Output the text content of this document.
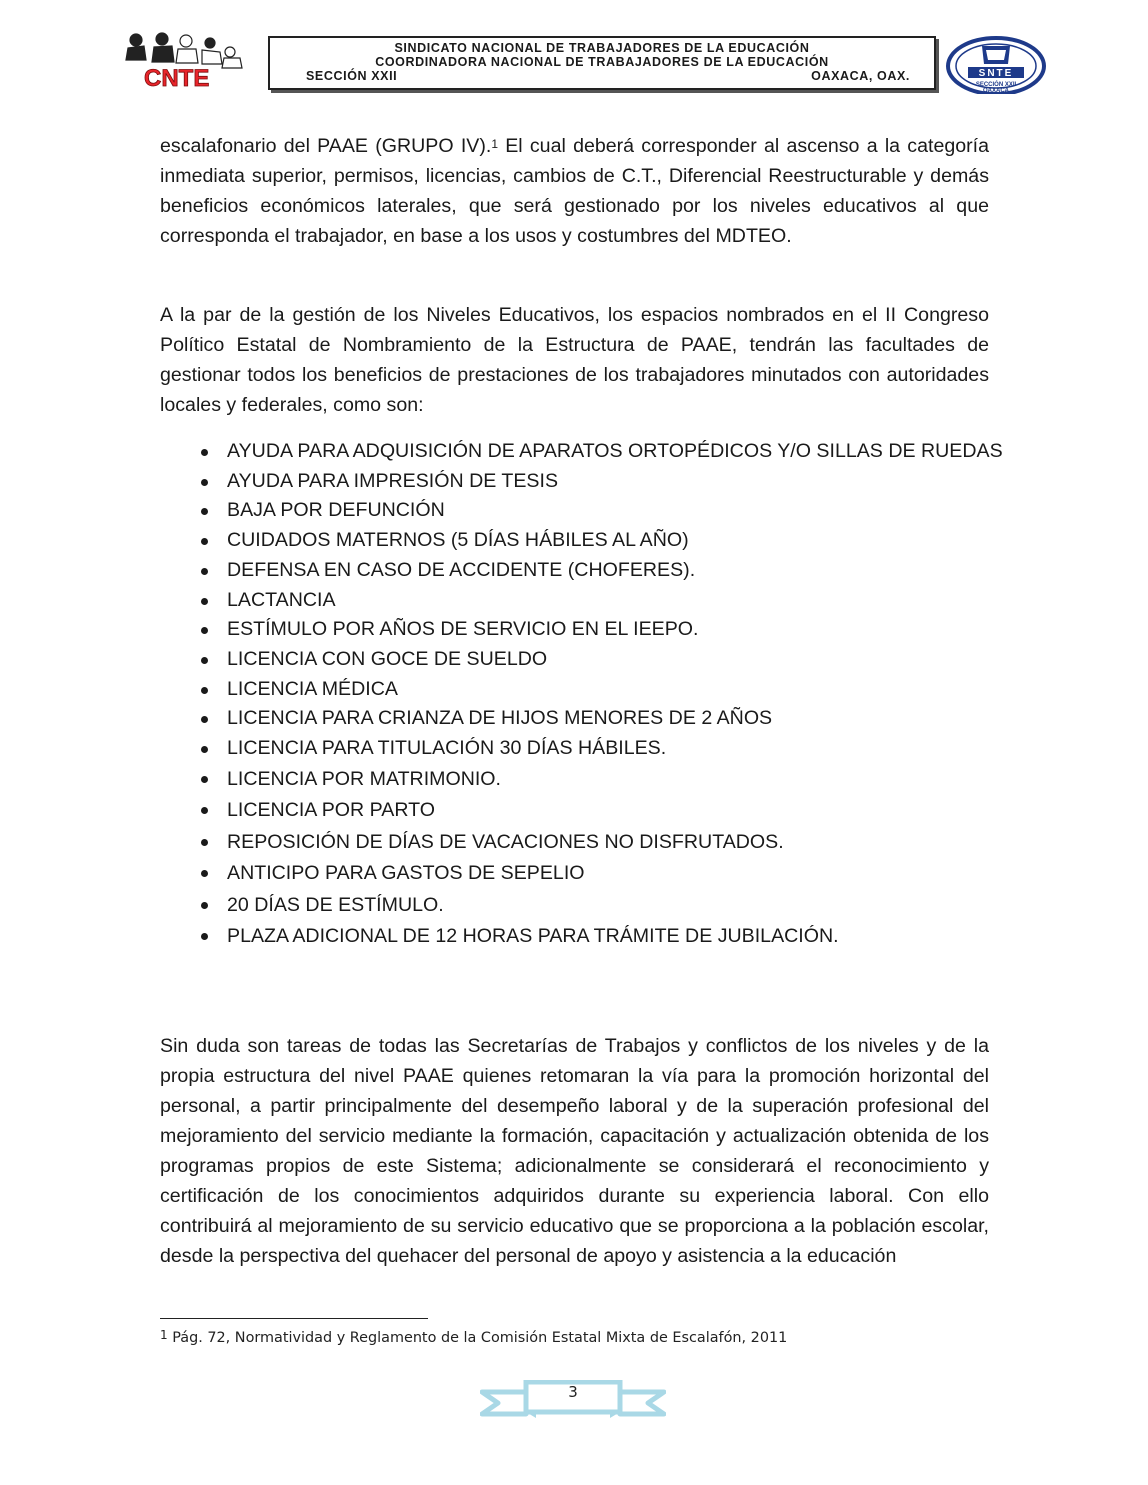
CNTE
SINDICATO NACIONAL DE TRABAJADORES DE LA EDUCACIÓN
COORDINADORA NACIONAL DE TRABAJADORES DE LA EDUCACIÓN
SECCIÓN XXII	OAXACA, OAX.	SNTE
SECCIÓN XXII
OAXACA

escalafonario del PAAE (GRUPO IV).$^1$ El cual deberá corresponder al ascenso a la categoría inmediata superior, permisos, licencias, cambios de C.T., Diferencial Reestructurable y demás beneficios económicos laterales, que será gestionado por los niveles educativos al que corresponda el trabajador, en base a los usos y costumbres del MDTEO.

A la par de la gestión de los Niveles Educativos, los espacios nombrados en el II Congreso Político Estatal de Nombramiento de la Estructura de PAAE, tendrán las facultades de gestionar todos los beneficios de prestaciones de los trabajadores minutados con autoridades locales y federales, como son:

AYUDA PARA ADQUISICIÓN DE APARATOS ORTOPÉDICOS Y/O SILLAS DE RUEDAS
AYUDA PARA IMPRESIÓN DE TESIS
BAJA POR DEFUNCIÓN
CUIDADOS MATERNOS (5 DÍAS HÁBILES AL AÑO)
DEFENSA EN CASO DE ACCIDENTE (CHOFERES).
LACTANCIA
ESTÍMULO POR AÑOS DE SERVICIO EN EL IEEPO.
LICENCIA CON GOCE DE SUELDO
LICENCIA MÉDICA
LICENCIA PARA CRIANZA DE HIJOS MENORES DE 2 AÑOS
LICENCIA PARA TITULACIÓN 30 DÍAS HÁBILES.
LICENCIA POR MATRIMONIO.
LICENCIA POR PARTO
REPOSICIÓN DE DÍAS DE VACACIONES NO DISFRUTADOS.
ANTICIPO PARA GASTOS DE SEPELIO
20 DÍAS DE ESTÍMULO.
PLAZA ADICIONAL DE 12 HORAS PARA TRÁMITE DE JUBILACIÓN.

Sin duda son tareas de todas las Secretarías de Trabajos y conflictos de los niveles y de la propia estructura del nivel PAAE quienes retomaran la vía para la promoción horizontal del personal, a partir principalmente del desempeño laboral y de la superación profesional del mejoramiento del servicio mediante la formación, capacitación y actualización obtenida de los programas propios de este Sistema; adicionalmente se considerará el reconocimiento y certificación de los conocimientos adquiridos durante su experiencia laboral. Con ello contribuirá al mejoramiento de su servicio educativo que se proporciona a la población escolar, desde la perspectiva del quehacer del personal de apoyo y asistencia a la educación

$^1$ Pág. 72, Normatividad y Reglamento de la Comisión Estatal Mixta de Escalafón, 2011
3
